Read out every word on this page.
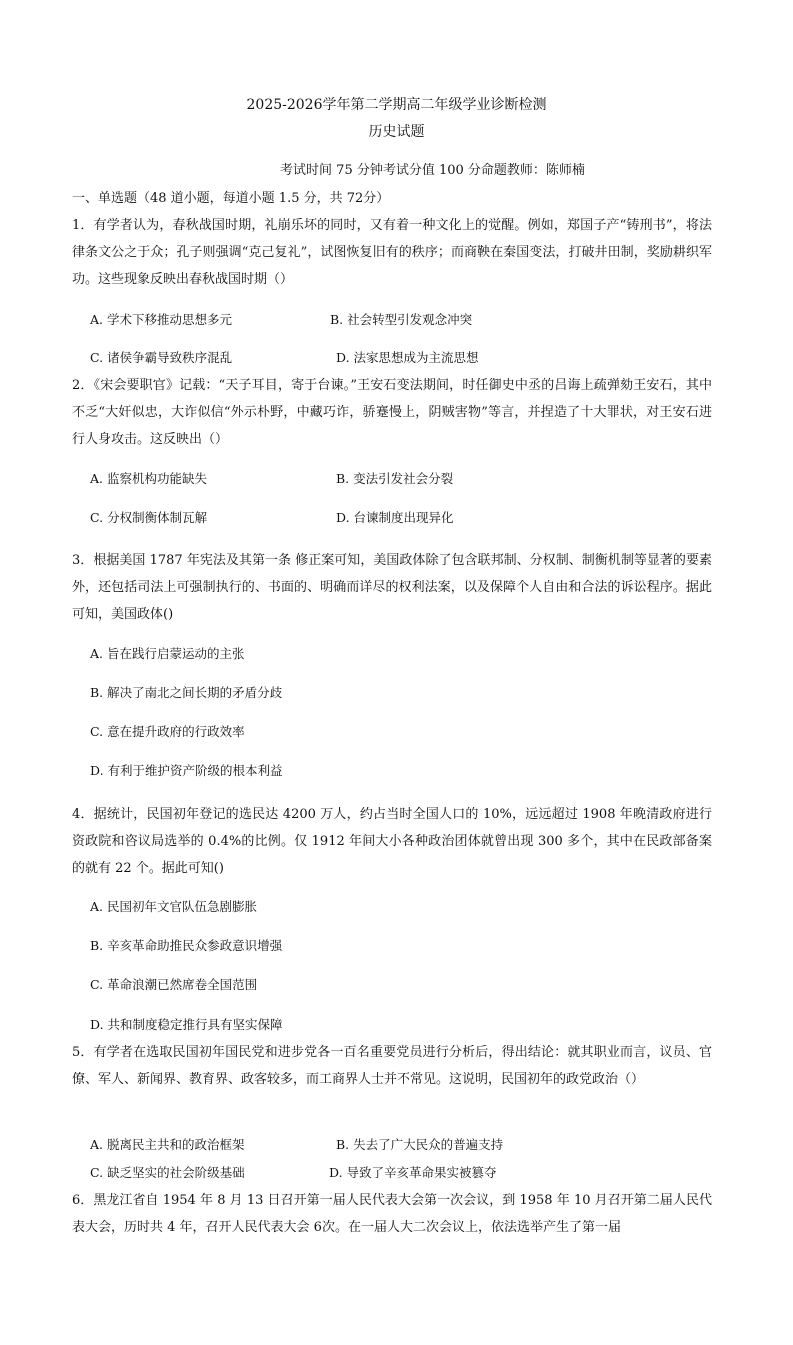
2025-2026学年第二学期高二年级学业诊断检测
历史试题
考试时间 75 分钟考试分值 100 分命题教师：陈师楠
一、单选题（48 道小题，每道小题 1.5 分，共 72分）
1．有学者认为，春秋战国时期，礼崩乐坏的同时，又有着一种文化上的觉醒。例如，郑国子产“铸刑书”，将法律条文公之于众；孔子则强调“克己复礼”，试图恢复旧有的秩序；而商鞅在秦国变法，打破井田制，奖励耕织军功。这些现象反映出春秋战国时期（）
A. 学术下移推动思想多元	B. 社会转型引发观念冲突
C. 诸侯争霸导致秩序混乱	D. 法家思想成为主流思想
2．《宋会要职官》记载：“天子耳目，寄于台谏。”王安石变法期间，时任御史中丞的吕诲上疏弹劾王安石，其中不乏“大奸似忠，大诈似信“外示朴野，中藏巧诈，骄蹇慢上，阴贼害物”等言，并捏造了十大罪状，对王安石进行人身攻击。这反映出（）
A. 监察机构功能缺失	B. 变法引发社会分裂
C. 分权制衡体制瓦解	D. 台谏制度出现异化
3．根据美国 1787 年宪法及其第一条 修正案可知，美国政体除了包含联邦制、分权制、制衡机制等显著的要素外，还包括司法上可强制执行的、书面的、明确而详尽的权利法案，以及保障个人自由和合法的诉讼程序。据此可知，美国政体()
A. 旨在践行启蒙运动的主张
B. 解决了南北之间长期的矛盾分歧
C. 意在提升政府的行政效率
D. 有利于维护资产阶级的根本利益
4．据统计，民国初年登记的选民达 4200 万人，约占当时全国人口的 10%，远远超过 1908 年晚清政府进行资政院和咨议局选举的 0.4%的比例。仅 1912 年间大小各种政治团体就曾出现 300 多个，其中在民政部备案的就有 22 个。据此可知()
A. 民国初年文官队伍急剧膨胀
B. 辛亥革命助推民众参政意识增强
C. 革命浪潮已然席卷全国范围
D. 共和制度稳定推行具有坚实保障
5．有学者在选取民国初年国民党和进步党各一百名重要党员进行分析后，得出结论：就其职业而言，议员、官僚、军人、新闻界、教育界、政客较多，而工商界人士并不常见。这说明，民国初年的政党政治（）
A. 脱离民主共和的政治框架	B. 失去了广大民众的普遍支持
C. 缺乏坚实的社会阶级基础	D. 导致了辛亥革命果实被篡夺
6．黑龙江省自 1954 年 8 月 13 日召开第一届人民代表大会第一次会议，到 1958 年 10 月召开第二届人民代表大会，历时共 4 年，召开人民代表大会 6次。在一届人大二次会议上，依法选举产生了第一届
